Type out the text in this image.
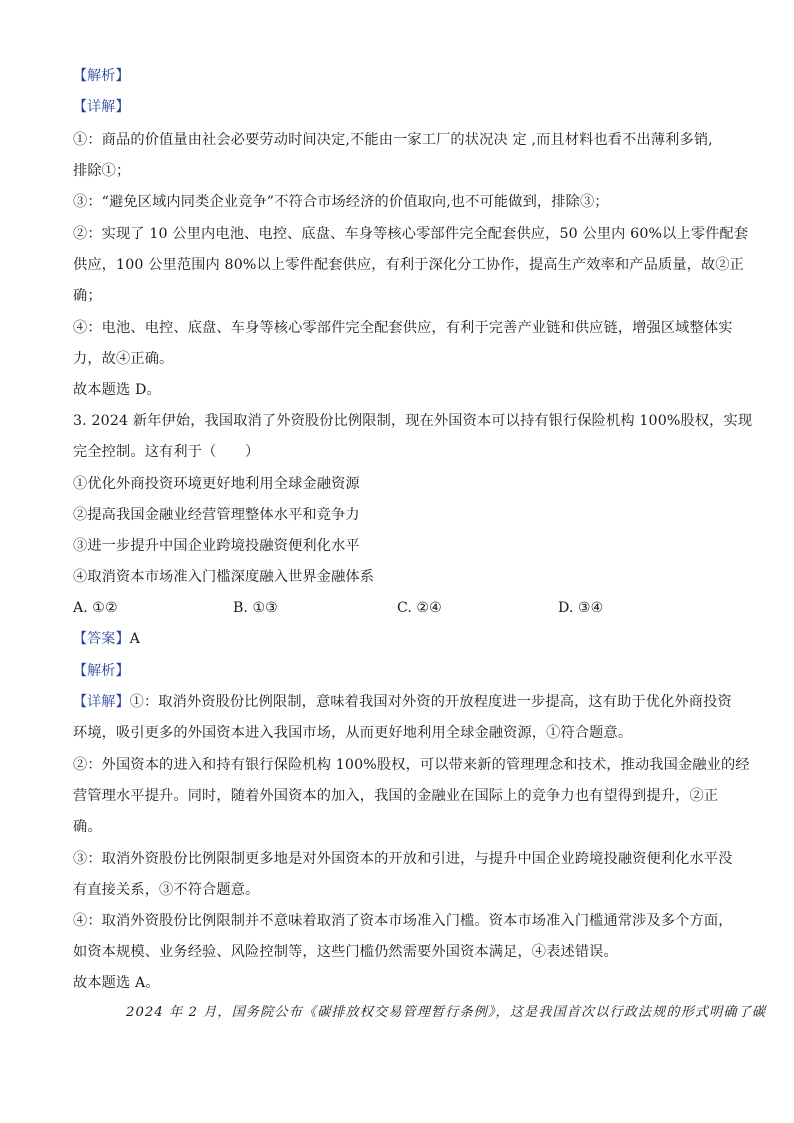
【解析】
【详解】
①：商品的价值量由社会必要劳动时间决定,不能由一家工厂的状况决 定 ,而且材料也看不出薄利多销,
排除①；
③：“避免区域内同类企业竞争”不符合市场经济的价值取向,也不可能做到，排除③；
②：实现了 10 公里内电池、电控、底盘、车身等核心零部件完全配套供应，50 公里内 60%以上零件配套
供应，100 公里范围内 80%以上零件配套供应，有利于深化分工协作，提高生产效率和产品质量，故②正
确；
④：电池、电控、底盘、车身等核心零部件完全配套供应，有利于完善产业链和供应链，增强区域整体实
力，故④正确。
故本题选 D。
3. 2024 新年伊始，我国取消了外资股份比例限制，现在外国资本可以持有银行保险机构 100%股权，实现
完全控制。这有利于（　　）
①优化外商投资环境更好地利用全球金融资源
②提高我国金融业经营管理整体水平和竞争力
③进一步提升中国企业跨境投融资便利化水平
④取消资本市场准入门槛深度融入世界金融体系
A. ①②	B. ①③	C. ②④	D. ③④
【答案】A
【解析】
【详解】①：取消外资股份比例限制，意味着我国对外资的开放程度进一步提高，这有助于优化外商投资
环境，吸引更多的外国资本进入我国市场，从而更好地利用全球金融资源，①符合题意。
②：外国资本的进入和持有银行保险机构 100%股权，可以带来新的管理理念和技术，推动我国金融业的经
营管理水平提升。同时，随着外国资本的加入，我国的金融业在国际上的竞争力也有望得到提升，②正
确。
③：取消外资股份比例限制更多地是对外国资本的开放和引进，与提升中国企业跨境投融资便利化水平没
有直接关系，③不符合题意。
④：取消外资股份比例限制并不意味着取消了资本市场准入门槛。资本市场准入门槛通常涉及多个方面，
如资本规模、业务经验、风险控制等，这些门槛仍然需要外国资本满足，④表述错误。
故本题选 A。
2024 年 2 月，国务院公布《碳排放权交易管理暂行条例》，这是我国首次以行政法规的形式明确了碳
